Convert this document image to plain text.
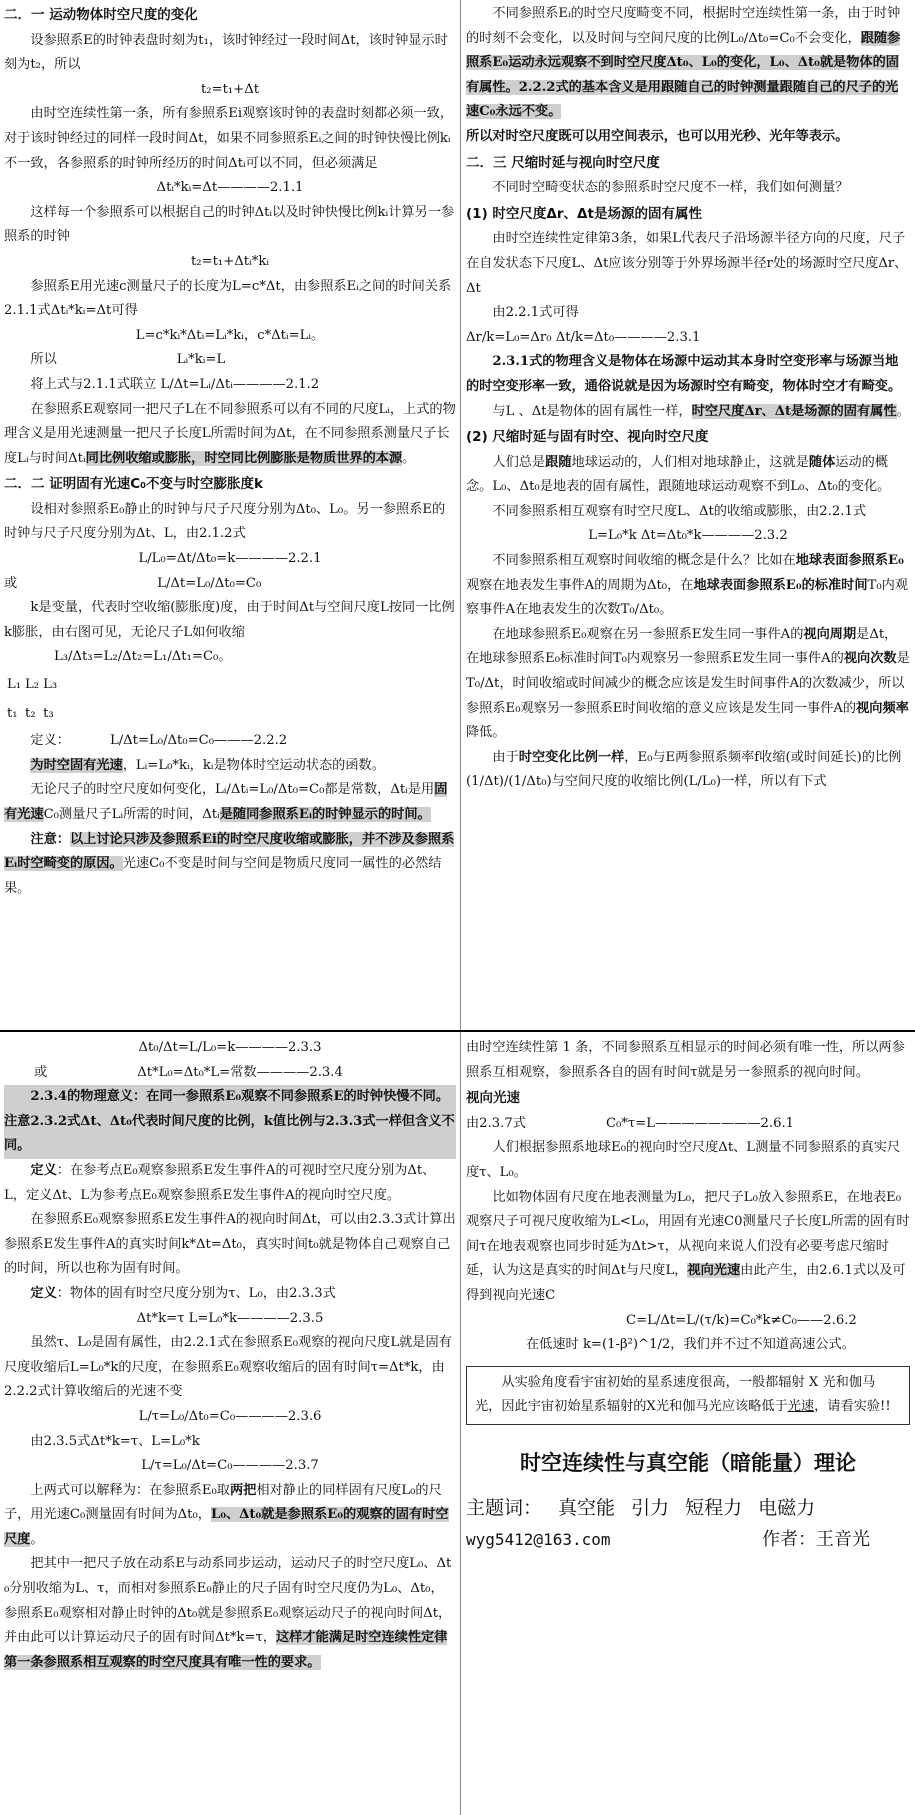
二．一 运动物体时空尺度的变化

设参照系E的时钟表盘时刻为t₁，该时钟经过一段时间Δt，该时钟显示时刻为t₂，所以

t₂=t₁+Δt

由时空连续性第一条，所有参照系Ei观察该时钟的表盘时刻都必须一致，对于该时钟经过的同样一段时间Δt，如果不同参照系Eᵢ之间的时钟快慢比例kᵢ不一致，各参照系的时钟所经历的时间Δtᵢ可以不同，但必须满足

Δtᵢ*kᵢ=Δt————2.1.1

这样每一个参照系可以根据自己的时钟Δtᵢ以及时钟快慢比例kᵢ计算另一参照系的时钟

t₂=t₁+Δtᵢ*kᵢ

参照系E用光速c测量尺子的长度为L=c*Δt，由参照系Eᵢ之间的时间关系2.1.1式Δtᵢ*kᵢ=Δt可得

L=c*kᵢ*Δtᵢ=Lᵢ*kᵢ，c*Δtᵢ=Lᵢ。

所以	Lᵢ*kᵢ=L

将上式与2.1.1式联立 L/Δt=Lᵢ/Δtᵢ————2.1.2

在参照系E观察同一把尺子L在不同参照系可以有不同的尺度Lᵢ，上式的物理含义是用光速测量一把尺子长度L所需时间为Δt，在不同参照系测量尺子长度Lᵢ与时间Δtᵢ同比例收缩或膨胀，时空同比例膨胀是物质世界的本源。

二．二 证明固有光速C₀不变与时空膨胀度k

设相对参照系E₀静止的时钟与尺子尺度分别为Δt₀、L₀。另一参照系E的时钟与尺子尺度分别为Δt、L，由2.1.2式

L/L₀=Δt/Δt₀=k————2.2.1

或	L/Δt=L₀/Δt₀=C₀

k是变量，代表时空收缩(膨胀度)度，由于时间Δt与空间尺度L按同一比例k膨胀，由右图可见，无论尺子L如何收缩

L₃/Δt₃=L₂/Δt₂=L₁/Δt₁=C₀。

L₁	L₂	L₃
t₁	t₂	t₃

定义：	L/Δt=L₀/Δt₀=C₀———2.2.2

为时空固有光速，Lᵢ=L₀*kᵢ，kᵢ是物体时空运动状态的函数。

无论尺子的时空尺度如何变化，Lᵢ/Δtᵢ=L₀/Δt₀=C₀都是常数，Δtᵢ是用固有光速C₀测量尺子Lᵢ所需的时间，Δtᵢ是随同参照系Eᵢ的时钟显示的时间。

注意：以上讨论只涉及参照系Ei的时空尺度收缩或膨胀，并不涉及参照系Eᵢ时空畸变的原因。光速C₀不变是时间与空间是物质尺度同一属性的必然结果。

不同参照系Eᵢ的时空尺度畸变不同，根据时空连续性第一条，由于时钟的时刻不会变化，以及时间与空间尺度的比例L₀/Δt₀=C₀不会变化，跟随参照系E₀运动永远观察不到时空尺度Δt₀、L₀的变化，L₀、Δt₀就是物体的固有属性。2.2.2式的基本含义是用跟随自己的时钟测量跟随自己的尺子的光速C₀永远不变。

所以对时空尺度既可以用空间表示，也可以用光秒、光年等表示。

二．三 尺缩时延与视向时空尺度

不同时空畸变状态的参照系时空尺度不一样，我们如何测量？

(1) 时空尺度Δr、Δt是场源的固有属性

由时空连续性定律第3条，如果L代表尺子沿场源半径方向的尺度，尺子在自发状态下尺度L、Δt应该分别等于外界场源半径r处的场源时空尺度Δr、Δt

由2.2.1式可得

Δr/k=L₀=Δr₀ Δt/k=Δt₀————2.3.1

2.3.1式的物理含义是物体在场源中运动其本身时空变形率与场源当地的时空变形率一致，通俗说就是因为场源时空有畸变，物体时空才有畸变。

与L 、Δt是物体的固有属性一样，时空尺度Δr、Δt是场源的固有属性。

(2) 尺缩时延与固有时空、视向时空尺度

人们总是跟随地球运动的，人们相对地球静止，这就是随体运动的概念。L₀、Δt₀是地表的固有属性，跟随地球运动观察不到L₀、Δt₀的变化。

不同参照系相互观察有时空尺度L、Δt的收缩或膨胀，由2.2.1式

L=L₀*k Δt=Δt₀*k————2.3.2

不同参照系相互观察时间收缩的概念是什么？比如在地球表面参照系E₀观察在地表发生事件A的周期为Δt₀，在地球表面参照系E₀的标准时间T₀内观察事件A在地表发生的次数T₀/Δt₀。

在地球参照系E₀观察在另一参照系E发生同一事件A的视向周期是Δt，在地球参照系E₀标准时间T₀内观察另一参照系E发生同一事件A的视向次数是T₀/Δt，时间收缩或时间减少的概念应该是发生时间事件A的次数减少，所以参照系E₀观察另一参照系E时间收缩的意义应该是发生同一事件A的视向频率降低。

由于时空变化比例一样，E₀与E两参照系频率f收缩(或时间延长)的比例(1/Δt)/(1/Δt₀)与空间尺度的收缩比例(L/L₀)一样，所以有下式

Δt₀/Δt=L/L₀=k————2.3.3

或	Δt*L₀=Δt₀*L=常数————2.3.4

2.3.4的物理意义：在同一参照系E₀观察不同参照系E的时钟快慢不同。注意2.3.2式Δt、Δt₀代表时间尺度的比例，k值比例与2.3.3式一样但含义不同。

定义：在参考点E₀观察参照系E发生事件A的可视时空尺度分别为Δt、L，定义Δt、L为参考点E₀观察参照系E发生事件A的视向时空尺度。

在参照系E₀观察参照系E发生事件A的视向时间Δt，可以由2.3.3式计算出参照系E发生事件A的真实时间k*Δt=Δt₀，真实时间t₀就是物体自己观察自己的时间，所以也称为固有时间。

定义：物体的固有时空尺度分别为τ、L₀，由2.3.3式

Δt*k=τ L=L₀*k————2.3.5

虽然τ、L₀是固有属性，由2.2.1式在参照系E₀观察的视向尺度L就是固有尺度收缩后L=L₀*k的尺度，在参照系E₀观察收缩后的固有时间τ=Δt*k，由2.2.2式计算收缩后的光速不变

L/τ=L₀/Δt₀=C₀————2.3.6

由2.3.5式Δt*k=τ、L=L₀*k

L/τ=L₀/Δt=C₀————2.3.7

上两式可以解释为：在参照系E₀取两把相对静止的同样固有尺度L₀的尺子，用光速C₀测量固有时间为Δt₀，L₀、Δt₀就是参照系E₀的观察的固有时空尺度。

把其中一把尺子放在动系E与动系同步运动，运动尺子的时空尺度L₀、Δt₀分别收缩为L、τ，而相对参照系E₀静止的尺子固有时空尺度仍为L₀、Δt₀，参照系E₀观察相对静止时钟的Δt₀就是参照系E₀观察运动尺子的视向时间Δt，并由此可以计算运动尺子的固有时间Δt*k=τ，这样才能满足时空连续性定律第一条参照系相互观察的时空尺度具有唯一性的要求。

由时空连续性第 1 条，不同参照系互相显示的时间必须有唯一性，所以两参照系互相观察，参照系各自的固有时间τ就是另一参照系的视向时间。

视向光速

由2.3.7式	C₀*τ=L————————2.6.1

人们根据参照系地球E₀的视向时空尺度Δt、L测量不同参照系的真实尺度τ、L₀。

比如物体固有尺度在地表测量为L₀，把尺子L₀放入参照系E，在地表E₀观察尺子可视尺度收缩为L<L₀，用固有光速C0测量尺子长度L所需的固有时间τ在地表观察也同步时延为Δt>τ，从视向来说人们没有必要考虑尺缩时延，认为这是真实的时间Δt与尺度L，视向光速由此产生，由2.6.1式以及可得到视向光速C

C=L/Δt=L/(τ/k)=C₀*k≠C₀——2.6.2

在低速时 k=(1-β²)^1/2，我们并不过不知道高速公式。

从实验角度看宇宙初始的星系速度很高，一般都辐射 X 光和伽马光，因此宇宙初始星系辐射的X光和伽马光应该略低于光速，请看实验!!

时空连续性与真空能（暗能量）理论
主题词： 真空能 引力 短程力 电磁力
wyg5412@163.com	作者：王音光
